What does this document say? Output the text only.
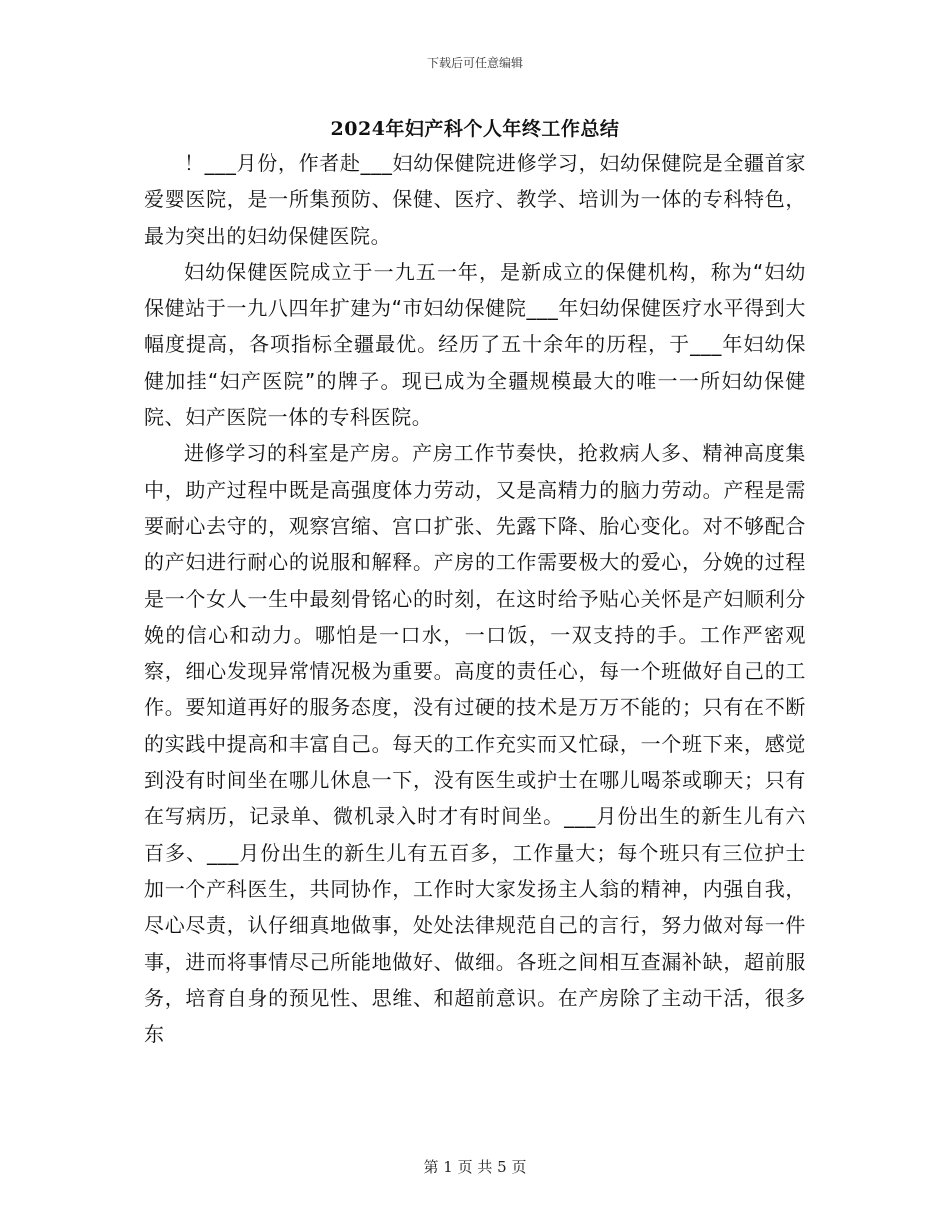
下载后可任意编辑

2024年妇产科个人年终工作总结

！___月份，作者赴___妇幼保健院进修学习，妇幼保健院是全疆首家爱婴医院，是一所集预防、保健、医疗、教学、培训为一体的专科特色，最为突出的妇幼保健医院。

妇幼保健医院成立于一九五一年，是新成立的保健机构，称为“妇幼保健站于一九八四年扩建为“市妇幼保健院___年妇幼保健医疗水平得到大幅度提高，各项指标全疆最优。经历了五十余年的历程，于___年妇幼保健加挂“妇产医院”的牌子。现已成为全疆规模最大的唯一一所妇幼保健院、妇产医院一体的专科医院。

进修学习的科室是产房。产房工作节奏快，抢救病人多、精神高度集中，助产过程中既是高强度体力劳动，又是高精力的脑力劳动。产程是需要耐心去守的，观察宫缩、宫口扩张、先露下降、胎心变化。对不够配合的产妇进行耐心的说服和解释。产房的工作需要极大的爱心，分娩的过程是一个女人一生中最刻骨铭心的时刻，在这时给予贴心关怀是产妇顺利分娩的信心和动力。哪怕是一口水，一口饭，一双支持的手。工作严密观察，细心发现异常情况极为重要。高度的责任心，每一个班做好自己的工作。要知道再好的服务态度，没有过硬的技术是万万不能的；只有在不断的实践中提高和丰富自己。每天的工作充实而又忙碌，一个班下来，感觉到没有时间坐在哪儿休息一下，没有医生或护士在哪儿喝茶或聊天；只有在写病历，记录单、微机录入时才有时间坐。___月份出生的新生儿有六百多、___月份出生的新生儿有五百多，工作量大；每个班只有三位护士加一个产科医生，共同协作，工作时大家发扬主人翁的精神，内强自我，尽心尽责，认仔细真地做事，处处法律规范自己的言行，努力做对每一件事，进而将事情尽己所能地做好、做细。各班之间相互查漏补缺，超前服务，培育自身的预见性、思维、和超前意识。在产房除了主动干活，很多东

第 1 页 共 5 页
